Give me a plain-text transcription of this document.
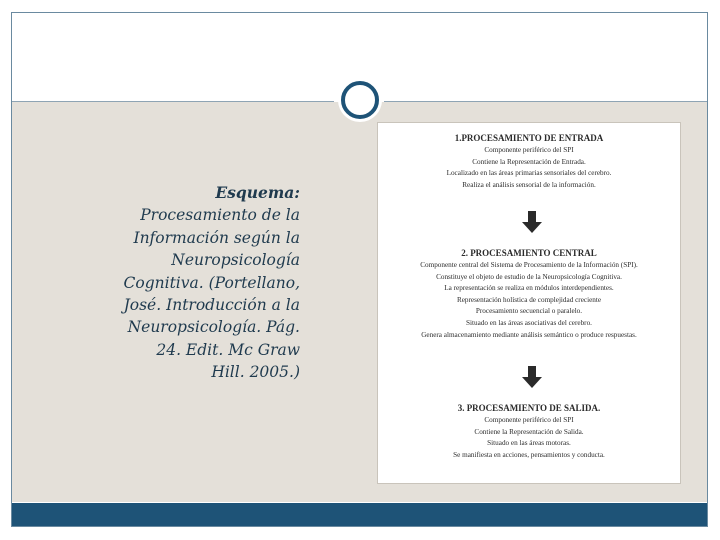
Esquema:
Procesamiento de la Información según la Neuropsicología Cognitiva. (Portellano, José. Introducción a la Neuropsicología. Pág. 24. Edit. Mc Graw Hill. 2005.)

1.PROCESAMIENTO DE ENTRADA

Componente periférico del SPI

Contiene la Representación de Entrada.

Localizado en las áreas primarias sensoriales del cerebro.

Realiza el análisis sensorial de la información.

2. PROCESAMIENTO CENTRAL

Componente central del Sistema de Procesamiento de la Información (SPI).

Constituye el objeto de estudio de la Neuropsicología Cognitiva.

La representación se realiza en módulos interdependientes.

Representación holística de complejidad creciente

Procesamiento secuencial o paralelo.

Situado en las áreas asociativas del cerebro.

Genera almacenamiento mediante análisis semántico o produce respuestas.

3. PROCESAMIENTO DE SALIDA.

Componente periférico del SPI

Contiene la Representación de Salida.

Situado en las áreas motoras.

Se manifiesta en acciones, pensamientos y conducta.
